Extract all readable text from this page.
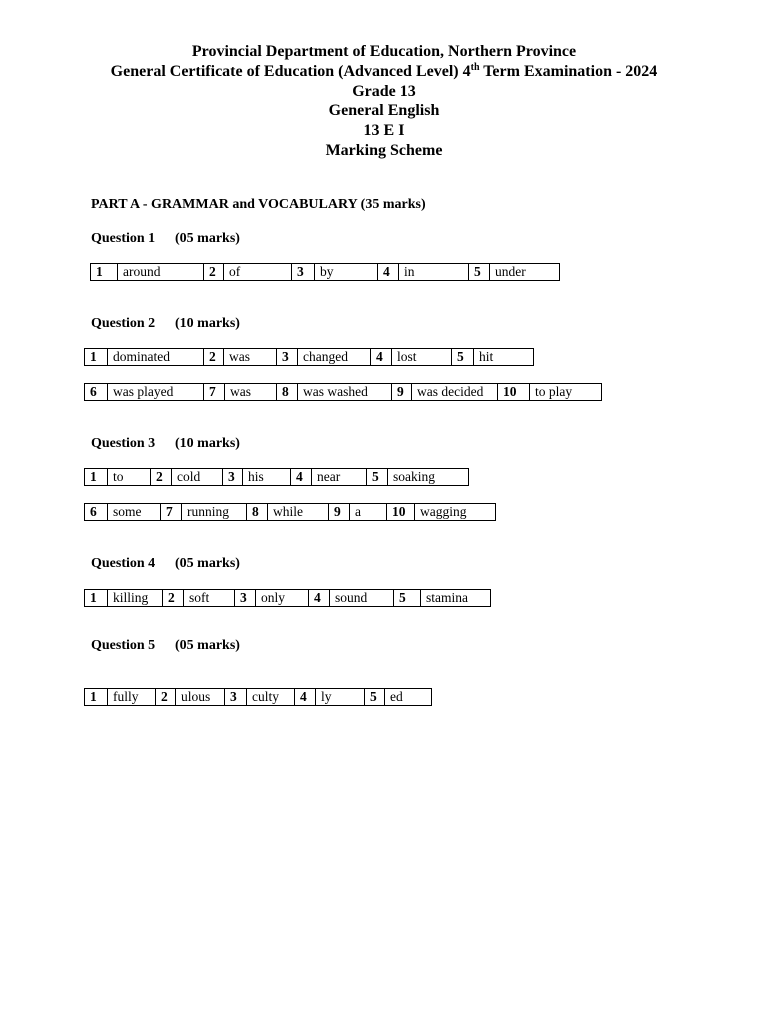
Provincial Department of Education, Northern Province
General Certificate of Education (Advanced Level) 4th Term Examination - 2024
Grade 13
General English
13 E I
Marking Scheme
PART A - GRAMMAR and VOCABULARY (35 marks)
Question 1 (05 marks)
1	around	2	of	3	by	4	in	5	under
Question 2 (10 marks)
1	dominated	2	was	3	changed	4	lost	5	hit
6	was played	7	was	8	was washed	9	was decided	10	to play
Question 3 (10 marks)
1	to	2	cold	3	his	4	near	5	soaking
6	some	7	running	8	while	9	a	10	wagging
Question 4 (05 marks)
1	killing	2	soft	3	only	4	sound	5	stamina
Question 5 (05 marks)
1	fully	2	ulous	3	culty	4	ly	5	ed
